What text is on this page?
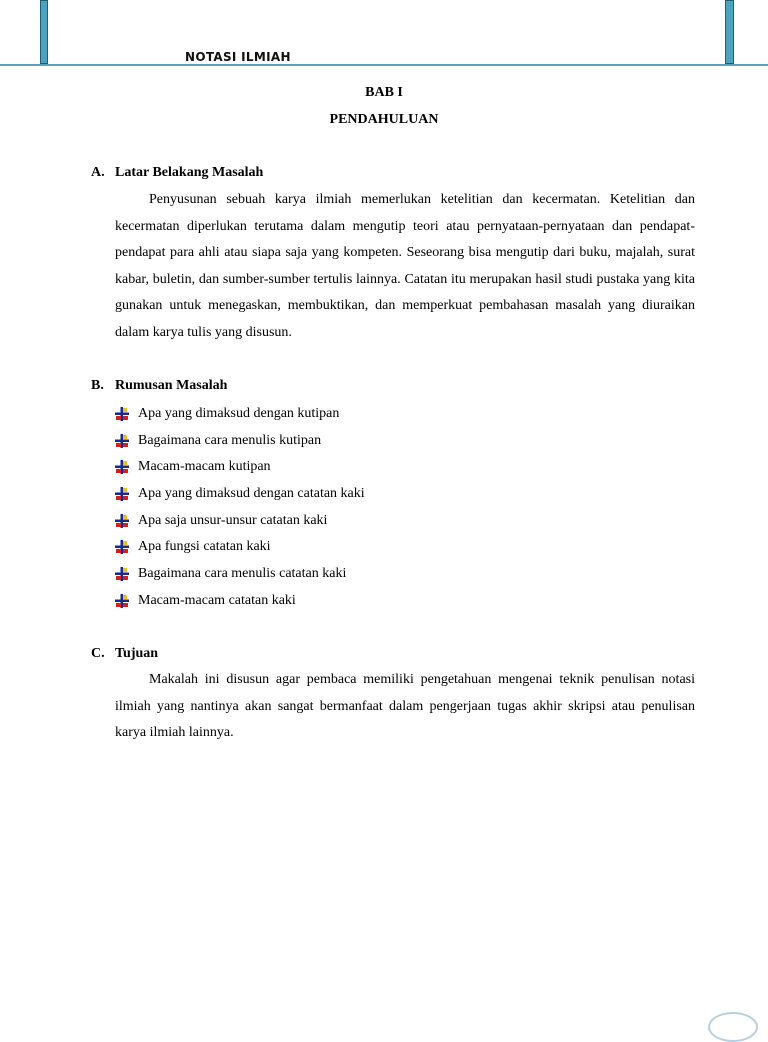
NOTASI ILMIAH
BAB I
PENDAHULUAN
A. Latar Belakang Masalah

Penyusunan sebuah karya ilmiah memerlukan ketelitian dan kecermatan. Ketelitian dan kecermatan diperlukan terutama dalam mengutip teori atau pernyataan-pernyataan dan pendapat-pendapat para ahli atau siapa saja yang kompeten. Seseorang bisa mengutip dari buku, majalah, surat kabar, buletin, dan sumber-sumber tertulis lainnya. Catatan itu merupakan hasil studi pustaka yang kita gunakan untuk menegaskan, membuktikan, dan memperkuat pembahasan masalah yang diuraikan dalam karya tulis yang disusun.

B. Rumusan Masalah
Apa yang dimaksud dengan kutipan
Bagaimana cara menulis kutipan
Macam-macam kutipan
Apa yang dimaksud dengan catatan kaki
Apa saja unsur-unsur catatan kaki
Apa fungsi catatan kaki
Bagaimana cara menulis catatan kaki
Macam-macam catatan kaki
C. Tujuan

Makalah ini disusun agar pembaca memiliki pengetahuan mengenai teknik penulisan notasi ilmiah yang nantinya akan sangat bermanfaat dalam pengerjaan tugas akhir skripsi atau penulisan karya ilmiah lainnya.
